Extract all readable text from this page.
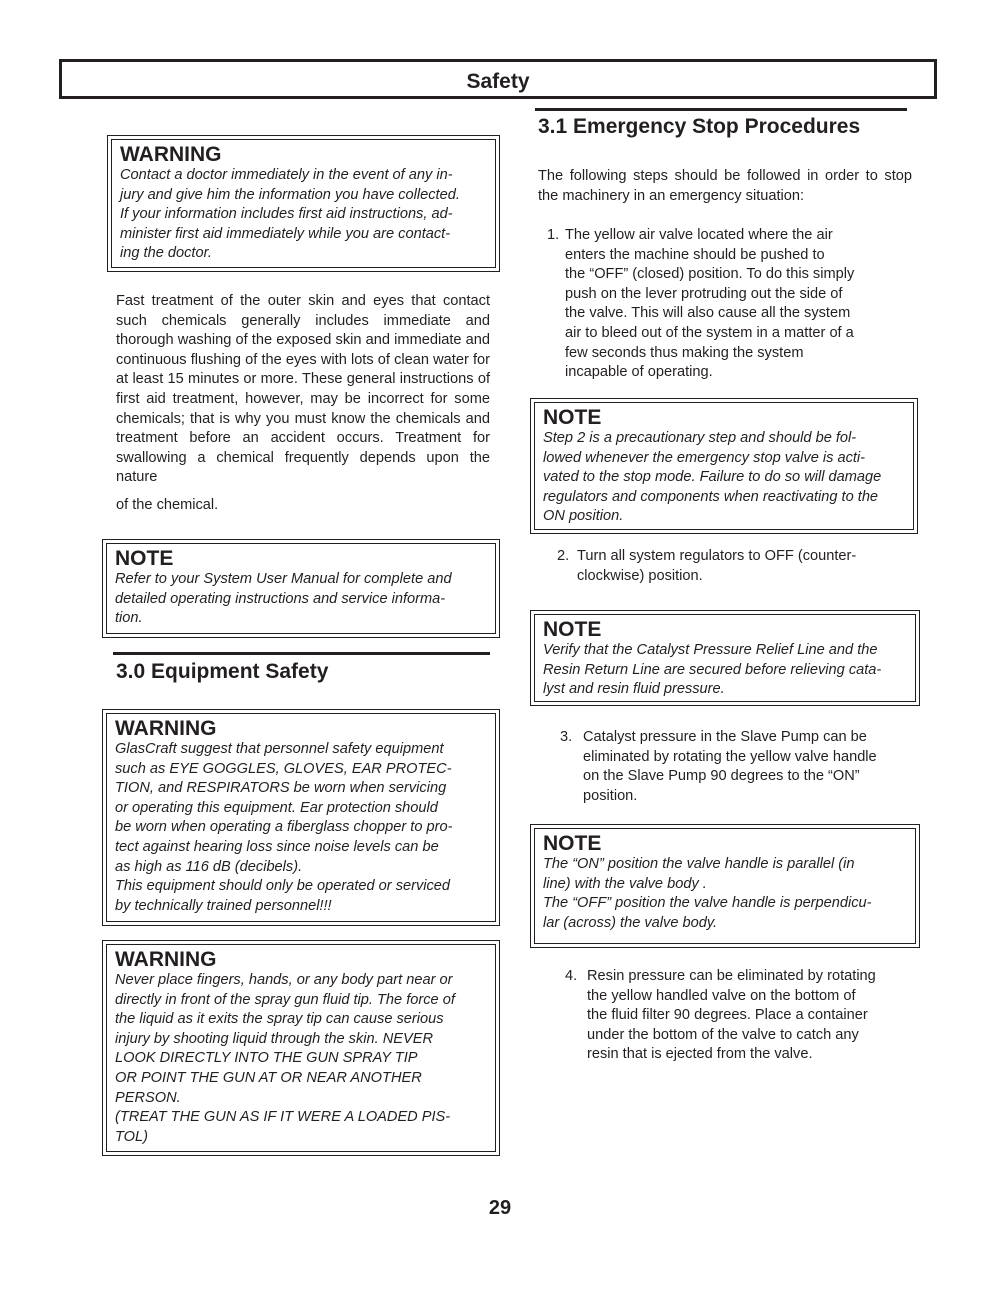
Safety
WARNING
Contact a doctor immediately in the event of any in-
jury and give him the information you have collected.
If your information includes first aid instructions, ad-
minister first aid immediately while you are contact-
ing the doctor.
Fast treatment of the outer skin and eyes that contact such chemicals generally includes immediate and thorough washing of the exposed skin and immediate and continuous flushing of the eyes with lots of clean water for at least 15 minutes or more. These general instructions of first aid treatment, however, may be incorrect for some chemicals; that is why you must know the chemicals and treatment before an accident occurs. Treatment for swallowing a chemical frequently depends upon the nature
of the chemical.
NOTE
Refer to your System User Manual for complete and
detailed operating instructions and service informa-
tion.
3.0 Equipment Safety
WARNING
GlasCraft suggest that personnel safety equipment
such as EYE GOGGLES, GLOVES, EAR PROTEC-
TION, and RESPIRATORS be worn when servicing
or operating this equipment. Ear protection should
be worn when operating a fiberglass chopper to pro-
tect against hearing loss since noise levels can be
as high as 116 dB (decibels).
This equipment should only be operated or serviced
by technically trained personnel!!!
WARNING
Never place fingers, hands, or any body part near or
directly in front of the spray gun fluid tip. The force of
the liquid as it exits the spray tip can cause serious
injury by shooting liquid through the skin. NEVER
LOOK DIRECTLY INTO THE GUN SPRAY TIP
OR POINT THE GUN AT OR NEAR ANOTHER
PERSON.
(TREAT THE GUN AS IF IT WERE A LOADED PIS-
TOL)
3.1 Emergency Stop Procedures
The following steps should be followed in order to stop the machinery in an emergency situation:
1. The yellow air valve located where the air
enters the machine should be pushed to
the “OFF” (closed) position. To do this simply
push on the lever protruding out the side of
the valve. This will also cause all the system
air to bleed out of the system in a matter of a
few seconds thus making the system
incapable of operating.
NOTE
Step 2 is a precautionary step and should be fol-
lowed whenever the emergency stop valve is acti-
vated to the stop mode. Failure to do so will damage
regulators and components when reactivating to the
ON position.
2. Turn all system regulators to OFF (counter-
clockwise) position.
NOTE
Verify that the Catalyst Pressure Relief Line and the
Resin Return Line are secured before relieving cata-
lyst and resin fluid pressure.
3. Catalyst pressure in the Slave Pump can be
eliminated by rotating the yellow valve handle
on the Slave Pump 90 degrees to the “ON”
position.
NOTE
The “ON” position the valve handle is parallel (in
line) with the valve body .
The “OFF” position the valve handle is perpendicu-
lar (across) the valve body.
4. Resin pressure can be eliminated by rotating
the yellow handled valve on the bottom of
the fluid filter 90 degrees. Place a container
under the bottom of the valve to catch any
resin that is ejected from the valve.
29
